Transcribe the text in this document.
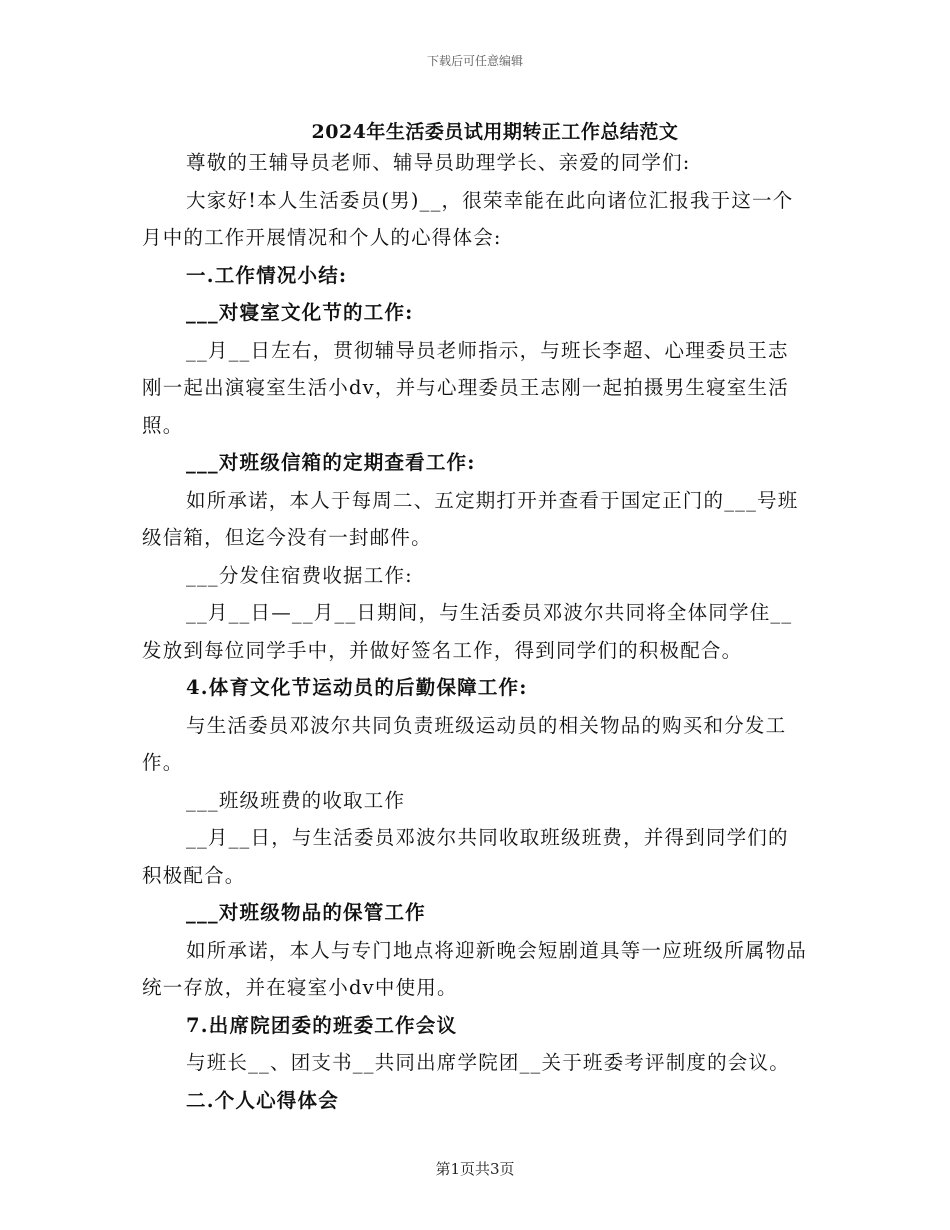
下载后可任意编辑
2024年生活委员试用期转正工作总结范文

尊敬的王辅导员老师、辅导员助理学长、亲爱的同学们:

大家好!本人生活委员(男)__，很荣幸能在此向诸位汇报我于这一个月中的工作开展情况和个人的心得体会:

一.工作情况小结:

___对寝室文化节的工作:

__月__日左右，贯彻辅导员老师指示，与班长李超、心理委员王志刚一起出演寝室生活小dv，并与心理委员王志刚一起拍摄男生寝室生活照。

___对班级信箱的定期查看工作:

如所承诺，本人于每周二、五定期打开并查看于国定正门的___号班级信箱，但迄今没有一封邮件。

___分发住宿费收据工作:

__月__日—__月__日期间，与生活委员邓波尔共同将全体同学住__发放到每位同学手中，并做好签名工作，得到同学们的积极配合。

4.体育文化节运动员的后勤保障工作:

与生活委员邓波尔共同负责班级运动员的相关物品的购买和分发工作。

___班级班费的收取工作

__月__日，与生活委员邓波尔共同收取班级班费，并得到同学们的积极配合。

___对班级物品的保管工作

如所承诺，本人与专门地点将迎新晚会短剧道具等一应班级所属物品统一存放，并在寝室小dv中使用。

7.出席院团委的班委工作会议

与班长__、团支书__共同出席学院团__关于班委考评制度的会议。

二.个人心得体会

第1页共3页
